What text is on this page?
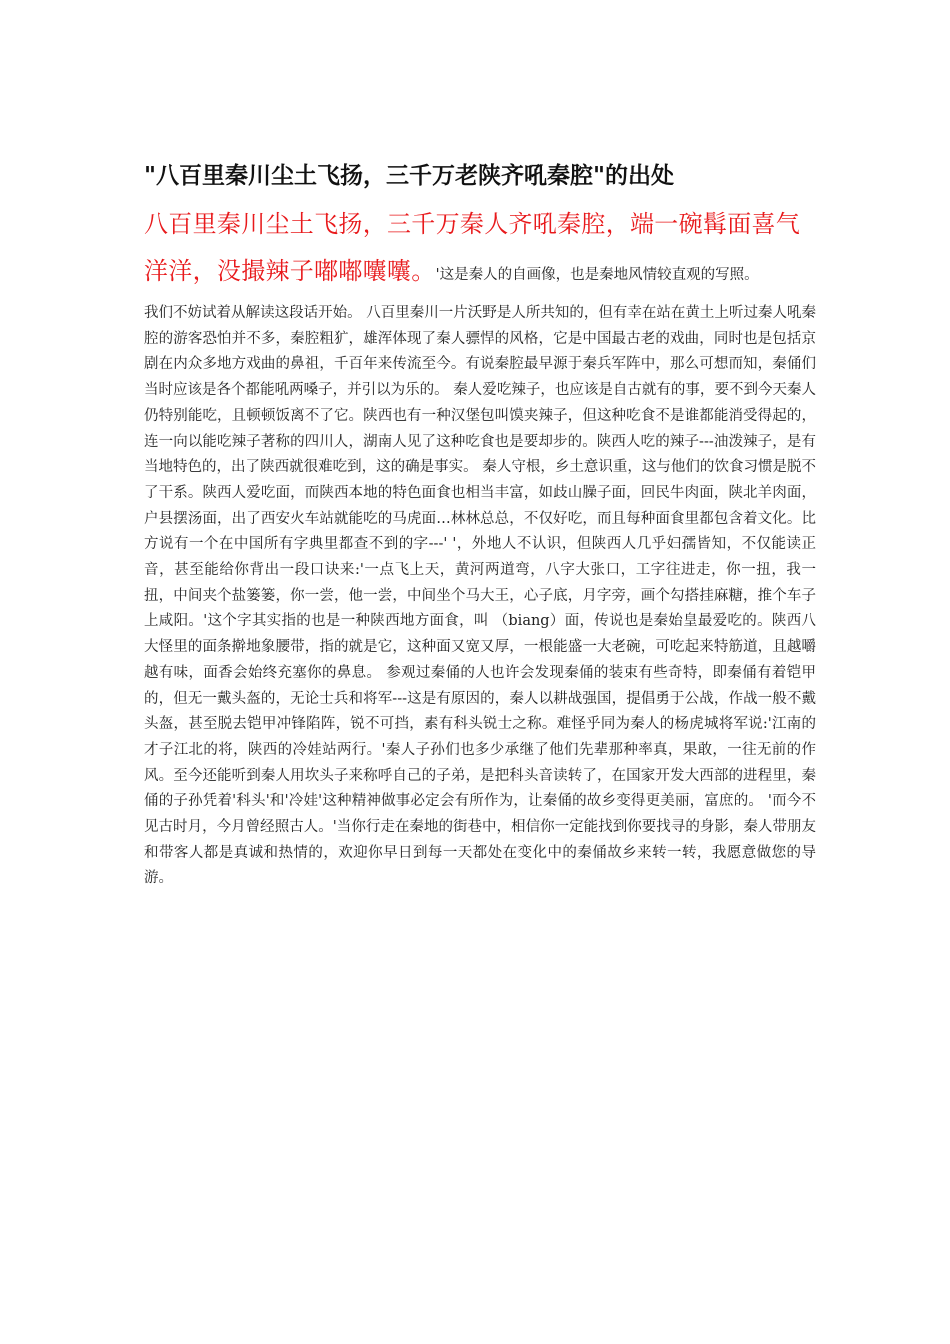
"八百里秦川尘土飞扬，三千万老陕齐吼秦腔"的出处

八百里秦川尘土飞扬，三千万秦人齐吼秦腔，端一碗髯面喜气洋洋，没撮辣子嘟嘟囔囔。'这是秦人的自画像，也是秦地风情较直观的写照。

我们不妨试着从解读这段话开始。 八百里秦川一片沃野是人所共知的，但有幸在站在黄土上听过秦人吼秦腔的游客恐怕并不多，秦腔粗犷，雄浑体现了秦人骠悍的风格，它是中国最古老的戏曲，同时也是包括京剧在内众多地方戏曲的鼻祖，千百年来传流至今。有说秦腔最早源于秦兵军阵中，那么可想而知，秦俑们当时应该是各个都能吼两嗓子，并引以为乐的。 秦人爱吃辣子，也应该是自古就有的事，要不到今天秦人仍特别能吃，且顿顿饭离不了它。陕西也有一种汉堡包叫馍夹辣子，但这种吃食不是谁都能消受得起的，连一向以能吃辣子著称的四川人，湖南人见了这种吃食也是要却步的。陕西人吃的辣子---油泼辣子，是有当地特色的，出了陕西就很难吃到，这的确是事实。 秦人守根，乡土意识重，这与他们的饮食习惯是脱不了干系。陕西人爱吃面，而陕西本地的特色面食也相当丰富，如歧山臊子面，回民牛肉面，陕北羊肉面，户县摆汤面，出了西安火车站就能吃的马虎面…林林总总，不仅好吃，而且每种面食里都包含着文化。比方说有一个在中国所有字典里都查不到的字---' '，外地人不认识，但陕西人几乎妇孺皆知，不仅能读正音，甚至能给你背出一段口诀来:'一点飞上天，黄河两道弯，八字大张口，工字往进走，你一扭，我一扭，中间夹个盐篓篓，你一尝，他一尝，中间坐个马大王，心子底，月字旁，画个勾搭挂麻糖，推个车子上咸阳。'这个字其实指的也是一种陕西地方面食，叫 （biang）面，传说也是秦始皇最爱吃的。陕西八大怪里的面条擀地象腰带，指的就是它，这种面又宽又厚，一根能盛一大老碗，可吃起来特筋道，且越嚼越有味，面香会始终充塞你的鼻息。 参观过秦俑的人也许会发现秦俑的装束有些奇特，即秦俑有着铠甲的，但无一戴头盔的，无论士兵和将军---这是有原因的，秦人以耕战强国，提倡勇于公战，作战一般不戴头盔，甚至脱去铠甲冲锋陷阵，锐不可挡，素有科头锐士之称。难怪乎同为秦人的杨虎城将军说:'江南的才子江北的将，陕西的冷娃站两行。'秦人子孙们也多少承继了他们先辈那种率真，果敢，一往无前的作风。至今还能听到秦人用坎头子来称呼自己的子弟，是把科头音读转了，在国家开发大西部的进程里，秦俑的子孙凭着'科头'和'冷娃'这种精神做事必定会有所作为，让秦俑的故乡变得更美丽，富庶的。 '而今不见古时月，今月曾经照古人。'当你行走在秦地的街巷中，相信你一定能找到你要找寻的身影，秦人带朋友和带客人都是真诚和热情的，欢迎你早日到每一天都处在变化中的秦俑故乡来转一转，我愿意做您的导游。
